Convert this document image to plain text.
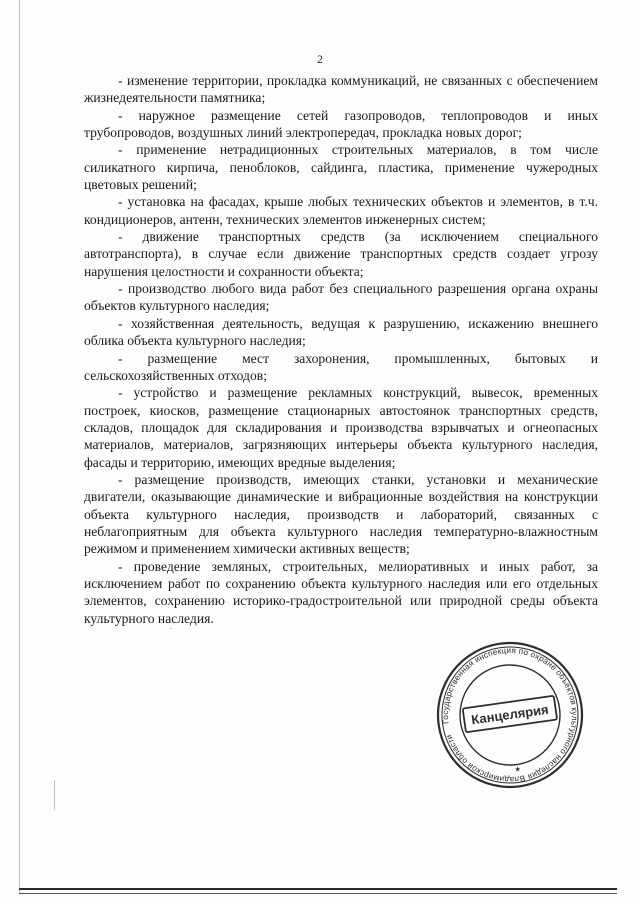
2

- изменение территории, прокладка коммуникаций, не связанных с обеспечением жизнедеятельности памятника;

- наружное размещение сетей газопроводов, теплопроводов и иных трубопроводов, воздушных линий электропередач, прокладка новых дорог;

- применение нетрадиционных строительных материалов, в том числе силикатного кирпича, пеноблоков, сайдинга, пластика, применение чужеродных цветовых решений;

- установка на фасадах, крыше любых технических объектов и элементов, в т.ч. кондиционеров, антенн, технических элементов инженерных систем;

- движение транспортных средств (за исключением специального автотранспорта), в случае если движение транспортных средств создает угрозу нарушения целостности и сохранности объекта;

- производство любого вида работ без специального разрешения органа охраны объектов культурного наследия;

- хозяйственная деятельность, ведущая к разрушению, искажению внешнего облика объекта культурного наследия;

- размещение мест захоронения, промышленных, бытовых и сельскохозяйственных отходов;

- устройство и размещение рекламных конструкций, вывесок, временных построек, киосков, размещение стационарных автостоянок транспортных средств, складов, площадок для складирования и производства взрывчатых и огнеопасных материалов, материалов, загрязняющих интерьеры объекта культурного наследия, фасады и территорию, имеющих вредные выделения;

- размещение производств, имеющих станки, установки и механические двигатели, оказывающие динамические и вибрационные воздействия на конструкции объекта культурного наследия, производств и лабораторий, связанных с неблагоприятным для объекта культурного наследия температурно-влажностным режимом и применением химически активных веществ;

- проведение земляных, строительных, мелиоративных и иных работ, за исключением работ по сохранению объекта культурного наследия или его отдельных элементов, сохранению историко-градостроительной или природной среды объекта культурного наследия.

Государственная инспекция по охране объектов культурного наследия Владимирской области
Канцелярия
★
